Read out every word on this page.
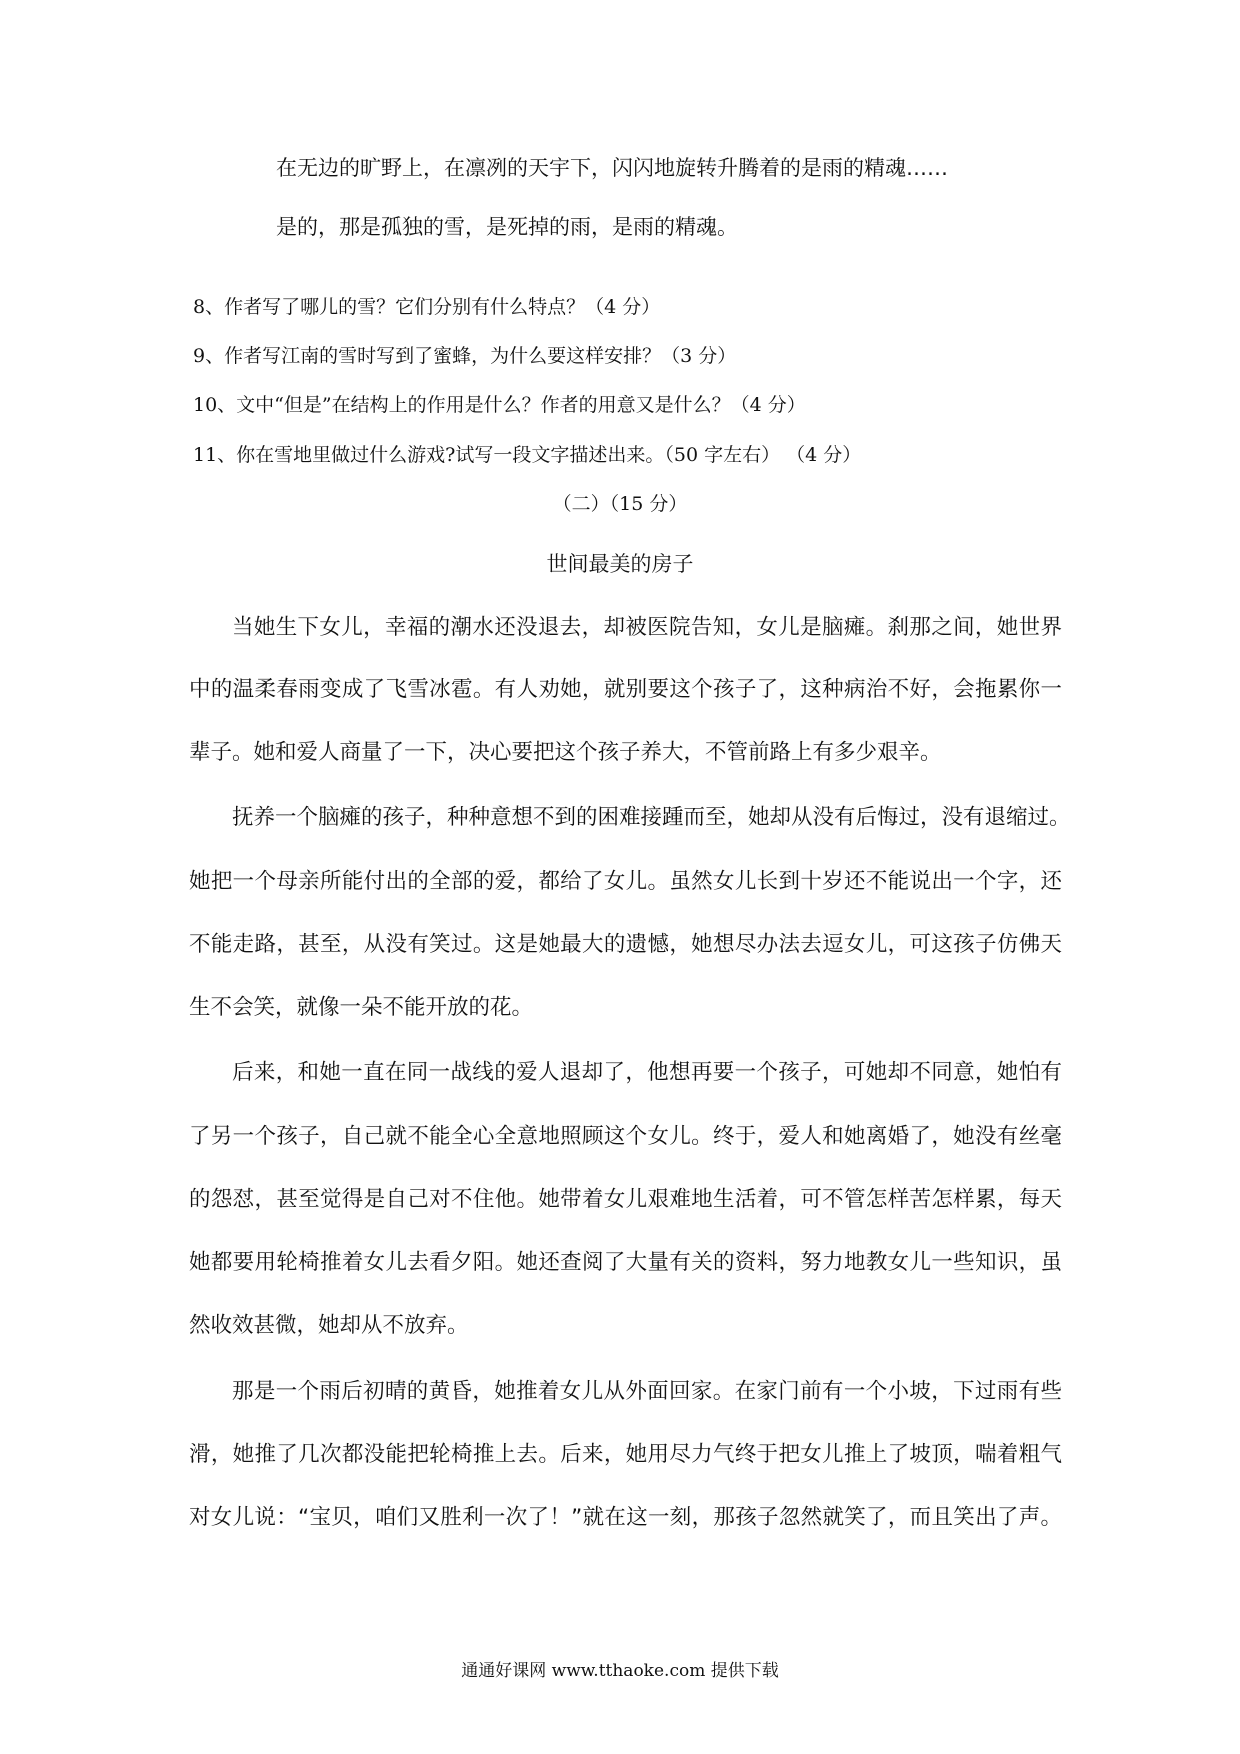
在无边的旷野上，在凛冽的天宇下，闪闪地旋转升腾着的是雨的精魂……

是的，那是孤独的雪，是死掉的雨，是雨的精魂。

8、作者写了哪儿的雪？它们分别有什么特点？（4 分）

9、作者写江南的雪时写到了蜜蜂，为什么要这样安排？（3 分）

10、文中“但是”在结构上的作用是什么？作者的用意又是什么？（4 分）

11、你在雪地里做过什么游戏?试写一段文字描述出来。（50 字左右） （4 分）

（二）（15 分）

世间最美的房子

当她生下女儿，幸福的潮水还没退去，却被医院告知，女儿是脑瘫。刹那之间，她世界

中的温柔春雨变成了飞雪冰雹。有人劝她，就别要这个孩子了，这种病治不好，会拖累你一

辈子。她和爱人商量了一下，决心要把这个孩子养大，不管前路上有多少艰辛。

抚养一个脑瘫的孩子，种种意想不到的困难接踵而至，她却从没有后悔过，没有退缩过。

她把一个母亲所能付出的全部的爱，都给了女儿。虽然女儿长到十岁还不能说出一个字，还

不能走路，甚至，从没有笑过。这是她最大的遗憾，她想尽办法去逗女儿，可这孩子仿佛天

生不会笑，就像一朵不能开放的花。

后来，和她一直在同一战线的爱人退却了，他想再要一个孩子，可她却不同意，她怕有

了另一个孩子，自己就不能全心全意地照顾这个女儿。终于，爱人和她离婚了，她没有丝毫

的怨怼，甚至觉得是自己对不住他。她带着女儿艰难地生活着，可不管怎样苦怎样累，每天

她都要用轮椅推着女儿去看夕阳。她还查阅了大量有关的资料，努力地教女儿一些知识，虽

然收效甚微，她却从不放弃。

那是一个雨后初晴的黄昏，她推着女儿从外面回家。在家门前有一个小坡，下过雨有些

滑，她推了几次都没能把轮椅推上去。后来，她用尽力气终于把女儿推上了坡顶，喘着粗气

对女儿说：“宝贝，咱们又胜利一次了！”就在这一刻，那孩子忽然就笑了，而且笑出了声。

通通好课网 www.tthaoke.com 提供下载
